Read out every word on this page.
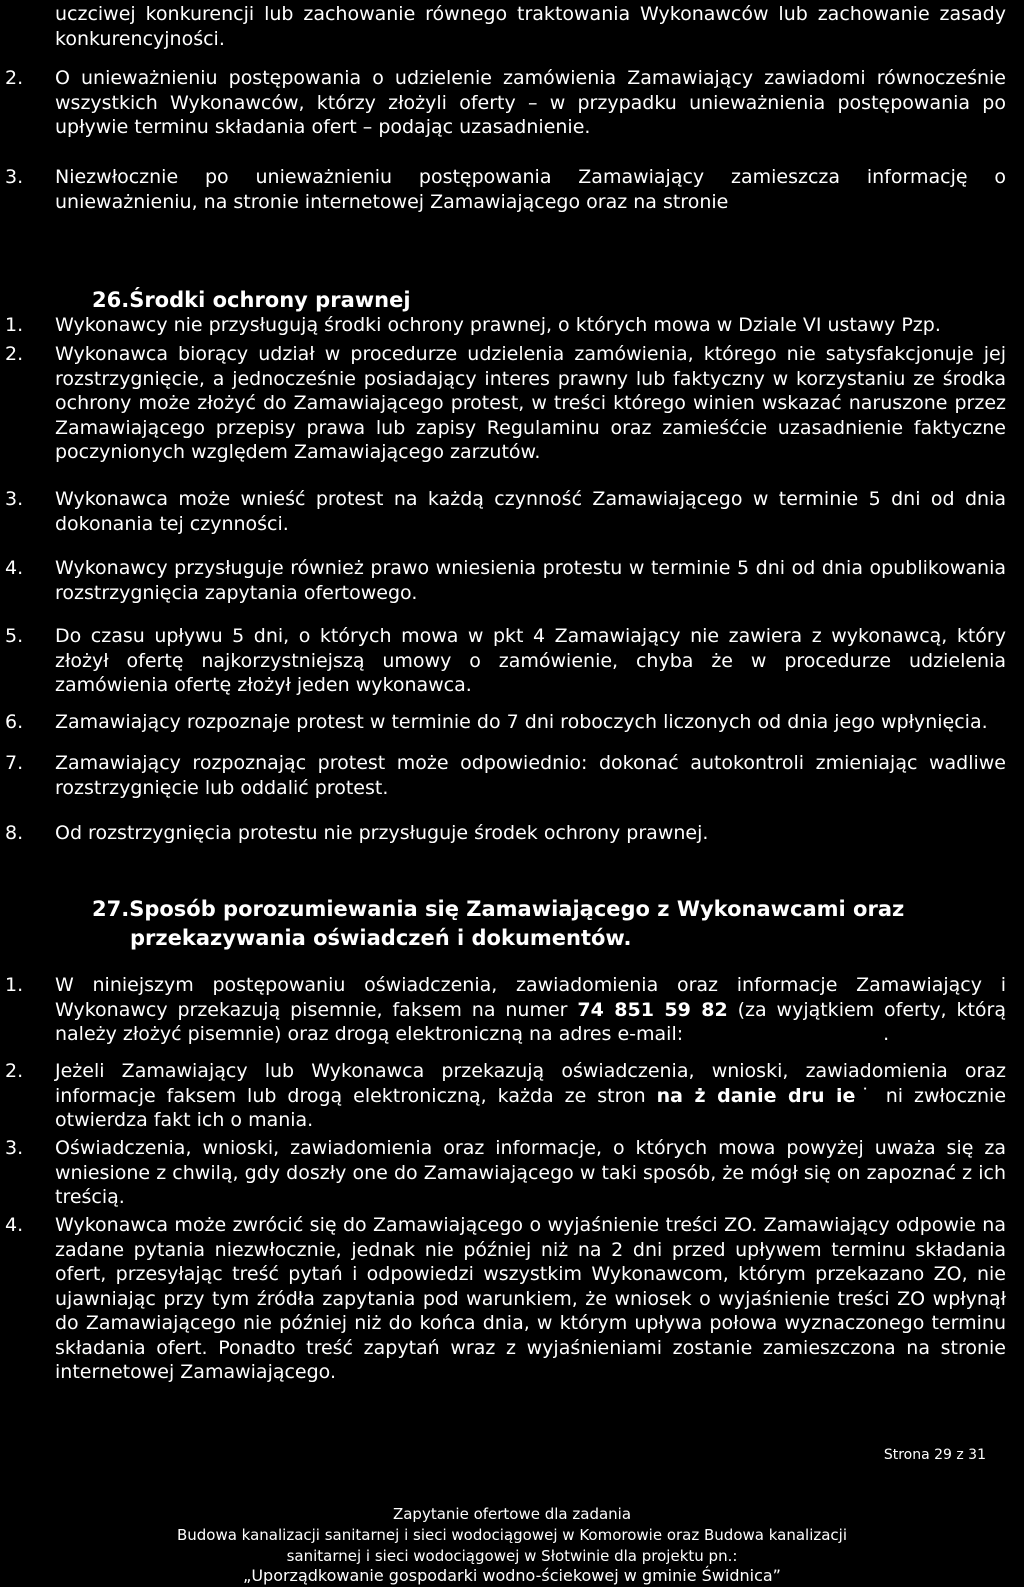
uczciwej konkurencji lub zachowanie równego traktowania Wykonawców lub zachowanie zasady konkurencyjności.

2.	O unieważnieniu postępowania o udzielenie zamówienia Zamawiający zawiadomi równocześnie wszystkich Wykonawców, którzy złożyli oferty – w przypadku unieważnienia postępowania po upływie terminu składania ofert – podając uzasadnienie.
3.	Niezwłocznie po unieważnieniu postępowania Zamawiający zamieszcza informację o unieważnieniu, na stronie internetowej Zamawiającego oraz na stronie
26.Środki ochrony prawnej
1.	Wykonawcy nie przysługują środki ochrony prawnej, o których mowa w Dziale VI ustawy Pzp.
2.	Wykonawca biorący udział w procedurze udzielenia zamówienia, którego nie satysfakcjonuje jej rozstrzygnięcie, a jednocześnie posiadający interes prawny lub faktyczny w korzystaniu ze środka ochrony może złożyć do Zamawiającego protest, w treści którego winien wskazać naruszone przez Zamawiającego przepisy prawa lub zapisy Regulaminu oraz zamieśćcie uzasadnienie faktyczne poczynionych względem Zamawiającego zarzutów.
3.	Wykonawca może wnieść protest na każdą czynność Zamawiającego w terminie 5 dni od dnia dokonania tej czynności.
4.	Wykonawcy przysługuje również prawo wniesienia protestu w terminie 5 dni od dnia opublikowania rozstrzygnięcia zapytania ofertowego.
5.	Do czasu upływu 5 dni, o których mowa w pkt 4 Zamawiający nie zawiera z wykonawcą, który złożył ofertę najkorzystniejszą umowy o zamówienie, chyba że w procedurze udzielenia zamówienia ofertę złożył jeden wykonawca.
6.	Zamawiający rozpoznaje protest w terminie do 7 dni roboczych liczonych od dnia jego wpłynięcia.
7.	Zamawiający rozpoznając protest może odpowiednio: dokonać autokontroli zmieniając wadliwe rozstrzygnięcie lub oddalić protest.
8.	Od rozstrzygnięcia protestu nie przysługuje środek ochrony prawnej.
27.Sposób porozumiewania się Zamawiającego z Wykonawcami oraz
przekazywania oświadczeń i dokumentów.
1.	W niniejszym postępowaniu oświadczenia, zawiadomienia oraz informacje Zamawiający i Wykonawcy przekazują pisemnie, faksem na numer 74 851 59 82 (za wyjątkiem oferty, którą należy złożyć pisemnie) oraz drogą elektroniczną na adres e-mail:	.
2.	Jeżeli Zamawiający lub Wykonawca przekazują oświadczenia, wnioski, zawiadomienia oraz informacje faksem lub drogą elektroniczną, każda ze stron na ż danie dru ie˙ ni zwłocznie otwierdza fakt ich o mania.
3.	Oświadczenia, wnioski, zawiadomienia oraz informacje, o których mowa powyżej uważa się za wniesione z chwilą, gdy doszły one do Zamawiającego w taki sposób, że mógł się on zapoznać z ich treścią.
4.	Wykonawca może zwrócić się do Zamawiającego o wyjaśnienie treści ZO. Zamawiający odpowie na zadane pytania niezwłocznie, jednak nie później niż na 2 dni przed upływem terminu składania ofert, przesyłając treść pytań i odpowiedzi wszystkim Wykonawcom, którym przekazano ZO, nie ujawniając przy tym źródła zapytania pod warunkiem, że wniosek o wyjaśnienie treści ZO wpłynął do Zamawiającego nie później niż do końca dnia, w którym upływa połowa wyznaczonego terminu składania ofert. Ponadto treść zapytań wraz z wyjaśnieniami zostanie zamieszczona na stronie internetowej Zamawiającego.
Strona 29 z 31
Zapytanie ofertowe dla zadania
Budowa kanalizacji sanitarnej i sieci wodociągowej w Komorowie oraz Budowa kanalizacji
sanitarnej i sieci wodociągowej w Słotwinie dla projektu pn.:
„Uporządkowanie gospodarki wodno-ściekowej w gminie Świdnica”
